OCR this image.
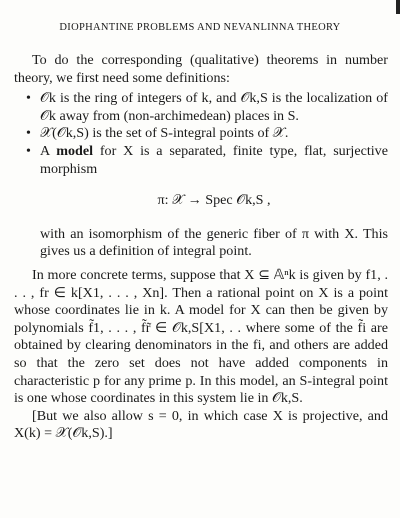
DIOPHANTINE PROBLEMS AND NEVANLINNA THEORY

To do the corresponding (qualitative) theorems in number theory, we first need some definitions:

• 𝒪k is the ring of integers of k, and 𝒪k,S is the localization of 𝒪k away from (non-archimedean) places in S.
• 𝒳(𝒪k,S) is the set of S-integral points of 𝒳.
• A model for X is a separated, finite type, flat, surjective morphism
π: 𝒳 → Spec 𝒪k,S ,
with an isomorphism of the generic fiber of π with X. This gives us a definition of integral point.

In more concrete terms, suppose that X ⊆ 𝔸ⁿk is given by f1, . . . , fr ∈ k[X1, . . . , Xn]. Then a rational point on X is a point whose coordinates lie in k. A model for X can then be given by polynomials f̃1, . . . , f̃r̃ ∈ 𝒪k,S[X1, . . where some of the f̃i are obtained by clearing denominators in the fi, and others are added so that the zero set does not have added components in characteristic p for any prime p. In this model, an S-integral point is one whose coordinates in this system lie in 𝒪k,S.

[But we also allow s = 0, in which case X is projective, and X(k) = 𝒳(𝒪k,S).]
